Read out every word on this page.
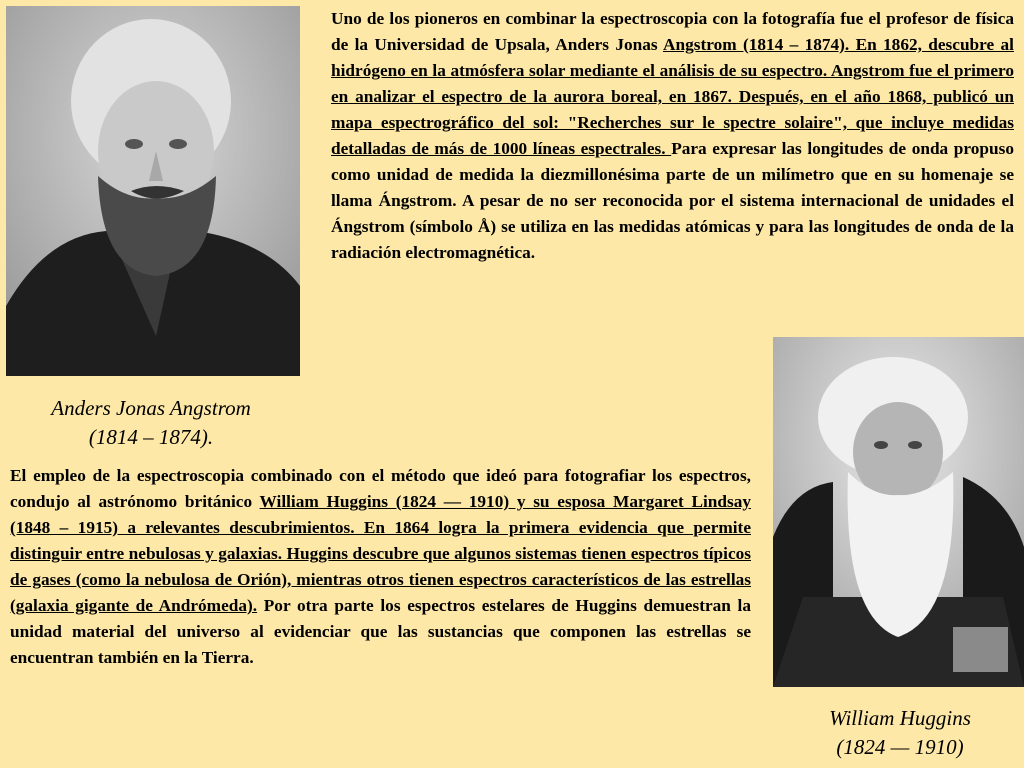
Anders Jonas Angstrom
(1814 – 1874).
Uno de los pioneros en combinar la espectroscopia con la fotografía fue el profesor de física de la Universidad de Upsala, Anders Jonas Angstrom (1814 – 1874). En 1862, descubre al hidrógeno en la atmósfera solar mediante el análisis de su espectro. Angstrom fue el primero en analizar el espectro de la aurora boreal, en 1867. Después, en el año 1868, publicó un mapa espectrográfico del sol: "Recherches sur le spectre solaire", que incluye medidas detalladas de más de 1000 líneas espectrales. Para expresar las longitudes de onda propuso como unidad de medida la diezmillonésima parte de un milímetro que en su homenaje se llama Ángstrom. A pesar de no ser reconocida por el sistema internacional de unidades el Ángstrom (símbolo Å) se utiliza en las medidas atómicas y para las longitudes de onda de la radiación electromagnética.
William Huggins
(1824 — 1910)
El empleo de la espectroscopia combinado con el método que ideó para fotografiar los espectros, condujo al astrónomo británico William Huggins (1824 — 1910) y su esposa Margaret Lindsay (1848 – 1915) a relevantes descubrimientos. En 1864 logra la primera evidencia que permite distinguir entre nebulosas y galaxias. Huggins descubre que algunos sistemas tienen espectros típicos de gases (como la nebulosa de Orión), mientras otros tienen espectros característicos de las estrellas (galaxia gigante de Andrómeda). Por otra parte los espectros estelares de Huggins demuestran la unidad material del universo al evidenciar que las sustancias que componen las estrellas se encuentran también en la Tierra.
